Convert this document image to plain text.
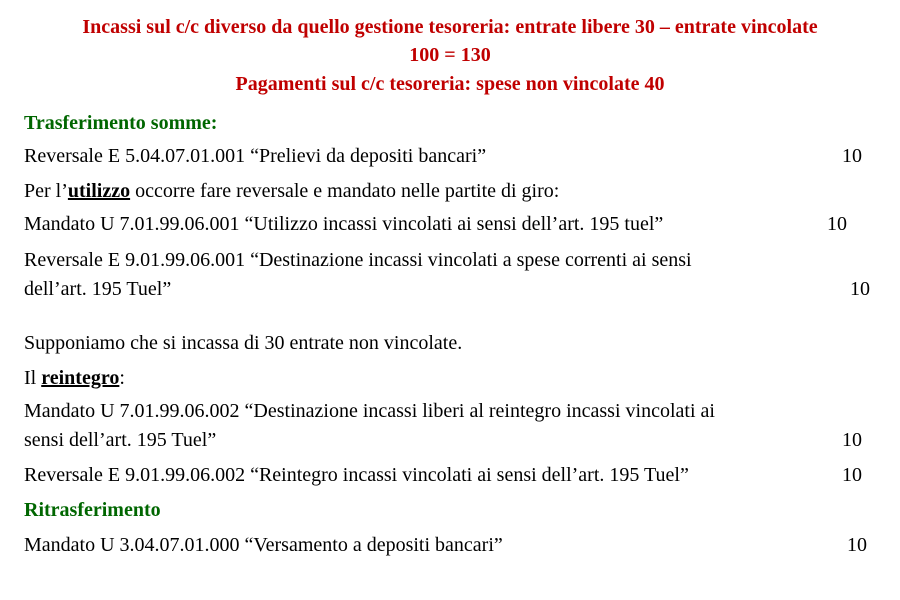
Incassi sul c/c diverso da quello gestione tesoreria: entrate libere 30 – entrate vincolate
100 = 130
Pagamenti sul c/c tesoreria: spese non vincolate 40
Trasferimento somme:
Reversale E 5.04.07.01.001 “Prelievi da depositi bancari”	10
Per l’utilizzo occorre fare reversale e mandato nelle partite di giro:
Mandato U 7.01.99.06.001 “Utilizzo incassi vincolati ai sensi dell’art. 195 tuel”	10
Reversale E 9.01.99.06.001 “Destinazione incassi vincolati a spese correnti ai sensi
dell’art. 195 Tuel”	10
Supponiamo che si incassa di 30 entrate non vincolate.
Il reintegro:
Mandato U 7.01.99.06.002 “Destinazione incassi liberi al reintegro incassi vincolati ai
sensi dell’art. 195 Tuel”	10
Reversale E 9.01.99.06.002 “Reintegro incassi vincolati ai sensi dell’art. 195 Tuel”	10
Ritrasferimento
Mandato U 3.04.07.01.000 “Versamento a depositi bancari”	10
